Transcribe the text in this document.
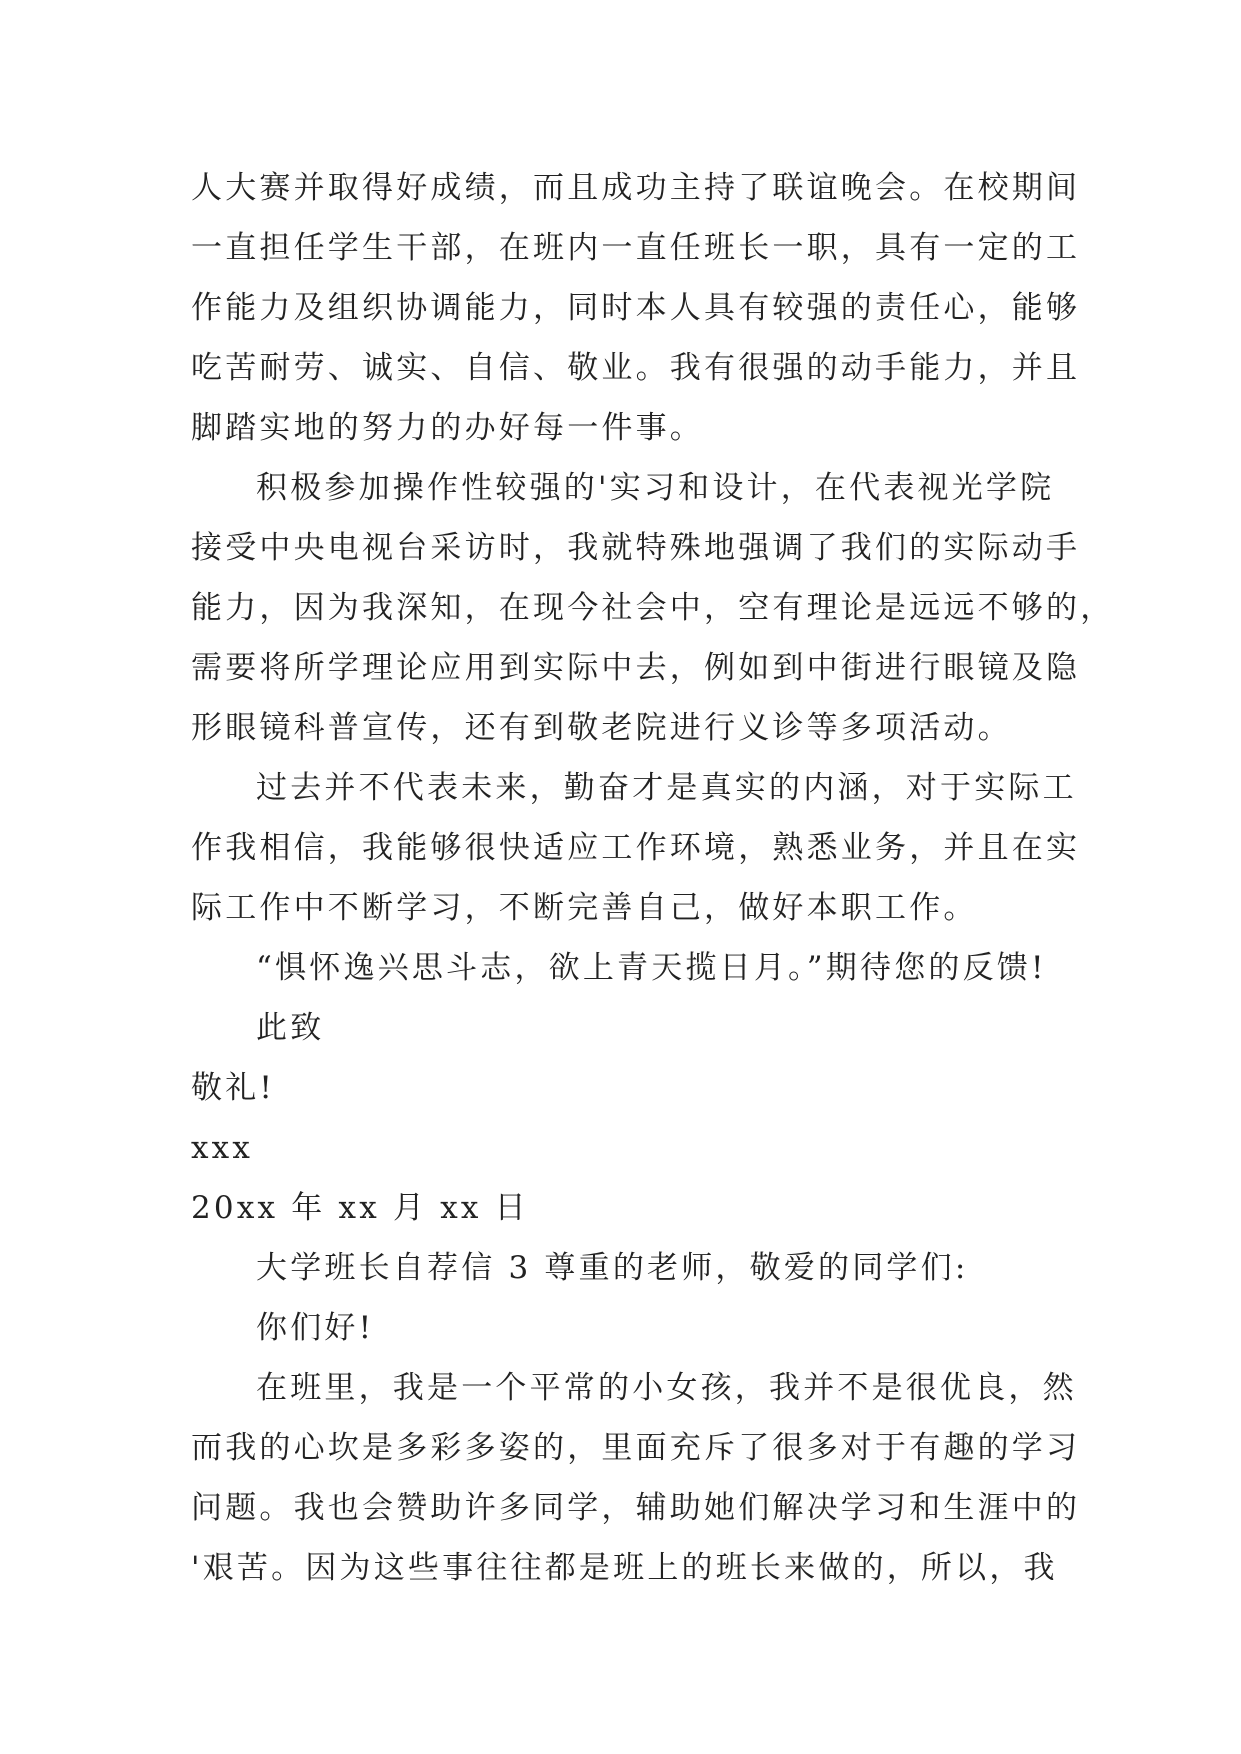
人大赛并取得好成绩，而且成功主持了联谊晚会。在校期间
一直担任学生干部，在班内一直任班长一职，具有一定的工
作能力及组织协调能力，同时本人具有较强的责任心，能够
吃苦耐劳、诚实、自信、敬业。我有很强的动手能力，并且
脚踏实地的努力的办好每一件事。
积极参加操作性较强的'实习和设计，在代表视光学院
接受中央电视台采访时，我就特殊地强调了我们的实际动手
能力，因为我深知，在现今社会中，空有理论是远远不够的，
需要将所学理论应用到实际中去，例如到中街进行眼镜及隐
形眼镜科普宣传，还有到敬老院进行义诊等多项活动。
过去并不代表未来，勤奋才是真实的内涵，对于实际工
作我相信，我能够很快适应工作环境，熟悉业务，并且在实
际工作中不断学习，不断完善自己，做好本职工作。
“惧怀逸兴思斗志，欲上青天揽日月。”期待您的反馈!
此致
敬礼!
xxx
20xx 年 xx 月 xx 日
大学班长自荐信 3 尊重的老师，敬爱的同学们:
你们好!
在班里，我是一个平常的小女孩，我并不是很优良，然
而我的心坎是多彩多姿的，里面充斥了很多对于有趣的学习
问题。我也会赞助许多同学，辅助她们解决学习和生涯中的
'艰苦。因为这些事往往都是班上的班长来做的，所以，我
